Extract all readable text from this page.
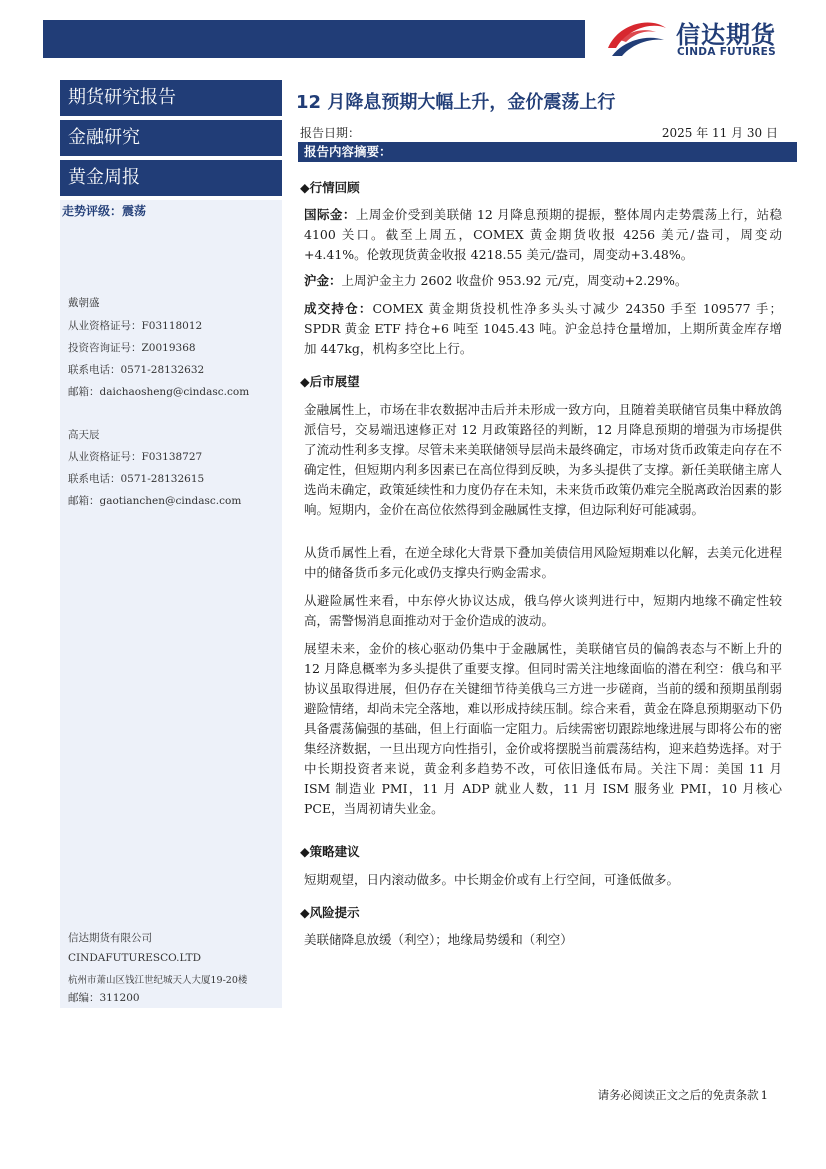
信达期货
CINDA FUTURES
期货研究报告
金融研究
黄金周报
走势评级：震荡
戴朝盛
从业资格证号：F03118012
投资咨询证号：Z0019368
联系电话：0571-28132632
邮箱：daichaosheng@cindasc.com
高天辰
从业资格证号：F03138727
联系电话：0571-28132615
邮箱：gaotianchen@cindasc.com
信达期货有限公司
CINDAFUTURESCO.LTD
杭州市萧山区钱江世纪城天人大厦19-20楼
邮编：311200
12 月降息预期大幅上升，金价震荡上行
报告日期：	2025 年 11 月 30 日
报告内容摘要：
◆行情回顾
国际金：上周金价受到美联储 12 月降息预期的提振，整体周内走势震荡上行，站稳 4100 关口。截至上周五，COMEX 黄金期货收报 4256 美元/盎司，周变动+4.41%。伦敦现货黄金收报 4218.55 美元/盎司，周变动+3.48%。
沪金：上周沪金主力 2602 收盘价 953.92 元/克，周变动+2.29%。
成交持仓：COMEX 黄金期货投机性净多头头寸减少 24350 手至 109577 手；SPDR 黄金 ETF 持仓+6 吨至 1045.43 吨。沪金总持仓量增加，上期所黄金库存增加 447kg，机构多空比上行。
◆后市展望
金融属性上，市场在非农数据冲击后并未形成一致方向，且随着美联储官员集中释放鸽派信号，交易端迅速修正对 12 月政策路径的判断，12 月降息预期的增强为市场提供了流动性利多支撑。尽管未来美联储领导层尚未最终确定，市场对货币政策走向存在不确定性，但短期内利多因素已在高位得到反映，为多头提供了支撑。新任美联储主席人选尚未确定，政策延续性和力度仍存在未知，未来货币政策仍难完全脱离政治因素的影响。短期内，金价在高位依然得到金融属性支撑，但边际利好可能减弱。
从货币属性上看，在逆全球化大背景下叠加美债信用风险短期难以化解，去美元化进程中的储备货币多元化或仍支撑央行购金需求。
从避险属性来看，中东停火协议达成，俄乌停火谈判进行中，短期内地缘不确定性较高，需警惕消息面推动对于金价造成的波动。
展望未来，金价的核心驱动仍集中于金融属性，美联储官员的偏鸽表态与不断上升的 12 月降息概率为多头提供了重要支撑。但同时需关注地缘面临的潜在利空：俄乌和平协议虽取得进展，但仍存在关键细节待美俄乌三方进一步磋商，当前的缓和预期虽削弱避险情绪，却尚未完全落地，难以形成持续压制。综合来看，黄金在降息预期驱动下仍具备震荡偏强的基础，但上行面临一定阻力。后续需密切跟踪地缘进展与即将公布的密集经济数据，一旦出现方向性指引，金价或将摆脱当前震荡结构，迎来趋势选择。对于中长期投资者来说，黄金利多趋势不改，可依旧逢低布局。关注下周：美国 11 月 ISM 制造业 PMI，11 月 ADP 就业人数，11 月 ISM 服务业 PMI，10 月核心 PCE，当周初请失业金。
◆策略建议
短期观望，日内滚动做多。中长期金价或有上行空间，可逢低做多。
◆风险提示
美联储降息放缓（利空）；地缘局势缓和（利空）
请务必阅读正文之后的免责条款 1
